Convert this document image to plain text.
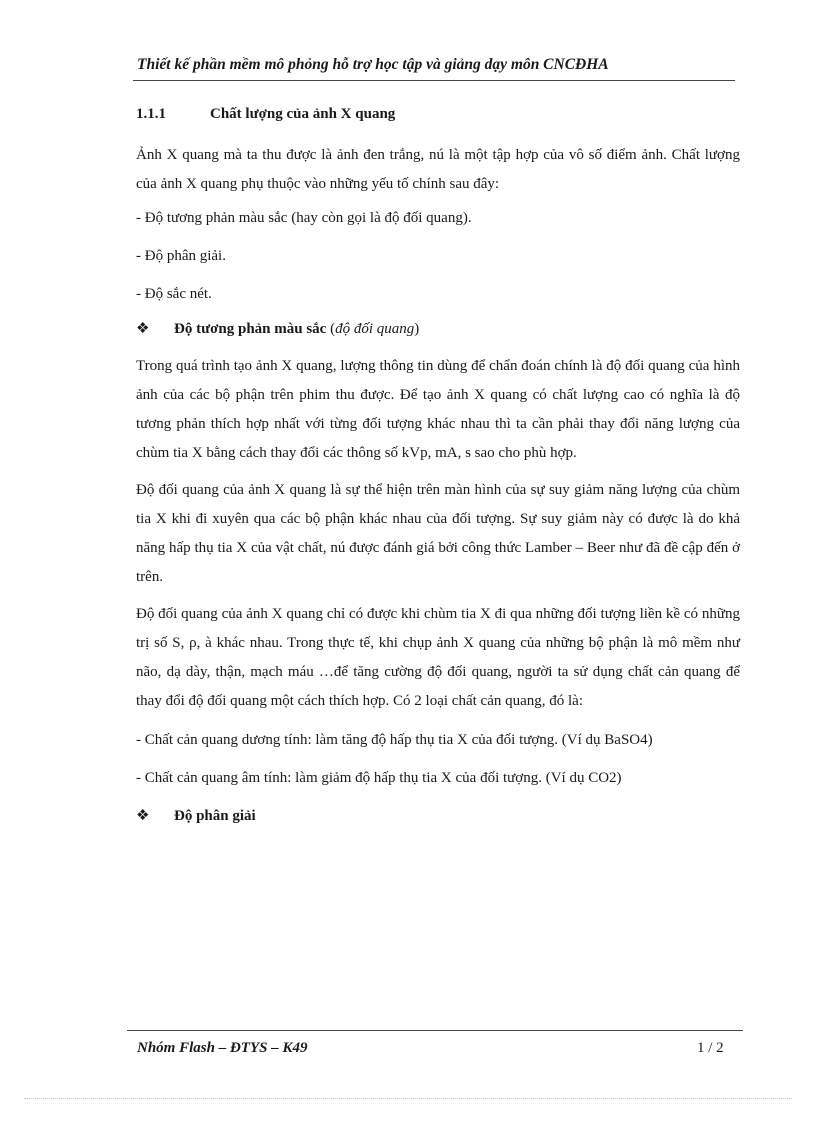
Thiết kế phần mềm mô phỏng hỗ trợ học tập và giảng dạy môn CNCĐHA
1.1.1	Chất lượng của ảnh X quang

Ảnh X quang mà ta thu được là ảnh đen trắng, nú là một tập hợp của vô số điểm ảnh. Chất lượng của ảnh X quang phụ thuộc vào những yếu tố chính sau đây:

- Độ tương phản màu sắc (hay còn gọi là độ đối quang).
- Độ phân giải.
- Độ sắc nét.
❖ Độ tương phản màu sắc (độ đối quang)

Trong quá trình tạo ảnh X quang, lượng thông tin dùng để chẩn đoán chính là độ đối quang của hình ảnh của các bộ phận trên phim thu được. Để tạo ảnh X quang có chất lượng cao có nghĩa là độ tương phản thích hợp nhất với từng đối tượng khác nhau thì ta cần phải thay đổi năng lượng của chùm tia X bằng cách thay đổi các thông số kVp, mA, s sao cho phù hợp.

Độ đối quang của ảnh X quang là sự thể hiện trên màn hình của sự suy giảm năng lượng của chùm tia X khi đi xuyên qua các bộ phận khác nhau của đối tượng. Sự suy giảm này có được là do khả năng hấp thụ tia X của vật chất, nú được đánh giá bởi công thức Lamber – Beer như đã đề cập đến ở trên.

Độ đối quang của ảnh X quang chỉ có được khi chùm tia X đi qua những đối tượng liền kề có những trị số S, ρ, à khác nhau. Trong thực tế, khi chụp ảnh X quang của những bộ phận là mô mềm như não, dạ dày, thận, mạch máu …để tăng cường độ đối quang, người ta sử dụng chất cản quang để thay đổi độ đối quang một cách thích hợp. Có 2 loại chất cản quang, đó là:

- Chất cản quang dương tính: làm tăng độ hấp thụ tia X của đối tượng. (Ví dụ BaSO4)

- Chất cản quang âm tính: làm giảm độ hấp thụ tia X của đối tượng. (Ví dụ CO2)

❖ Độ phân giải
Nhóm Flash – ĐTYS – K49	1 / 2
